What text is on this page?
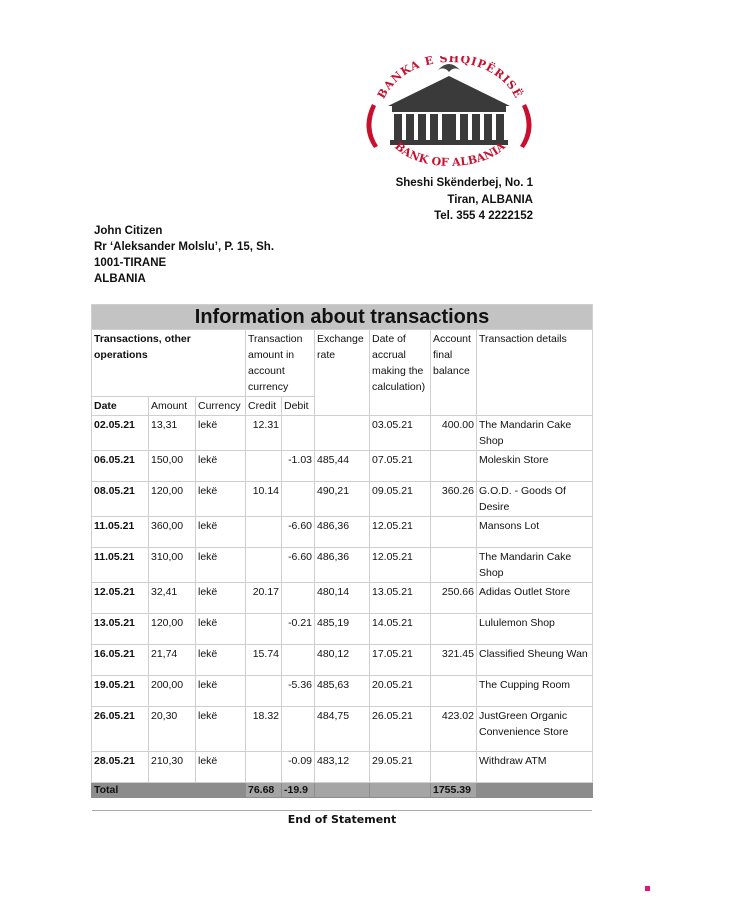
BANKA E SHQIPËRISË
BANK OF ALBANIA
Sheshi Skënderbej, No. 1
Tiran, ALBANIA
Tel. 355 4 2222152
John Citizen
Rr ‘Aleksander Molslu’, P. 15, Sh.
1001-TIRANE
ALBANIA
Information about transactions								
Transactions, other operations			Transaction amount in account currency		Exchange rate	Date of accrual making the calculation)	Account final balance	Transaction details
Date	Amount	Currency	Credit	Debit				
02.05.21	13,31	lekë	12.31			03.05.21	400.00	The Mandarin Cake Shop
06.05.21	150,00	lekë		-1.03	485,44	07.05.21		Moleskin Store
08.05.21	120,00	lekë	10.14		490,21	09.05.21	360.26	G.O.D. - Goods Of Desire
11.05.21	360,00	lekë		-6.60	486,36	12.05.21		Mansons Lot
11.05.21	310,00	lekë		-6.60	486,36	12.05.21		The Mandarin Cake Shop
12.05.21	32,41	lekë	20.17		480,14	13.05.21	250.66	Adidas Outlet Store
13.05.21	120,00	lekë		-0.21	485,19	14.05.21		Lululemon Shop
16.05.21	21,74	lekë	15.74		480,12	17.05.21	321.45	Classified Sheung Wan
19.05.21	200,00	lekë		-5.36	485,63	20.05.21		The Cupping Room
26.05.21	20,30	lekë	18.32		484,75	26.05.21	423.02	JustGreen Organic Convenience Store
28.05.21	210,30	lekë		-0.09	483,12	29.05.21		Withdraw ATM
Total			76.68	-19.9			1755.39	
End of Statement
